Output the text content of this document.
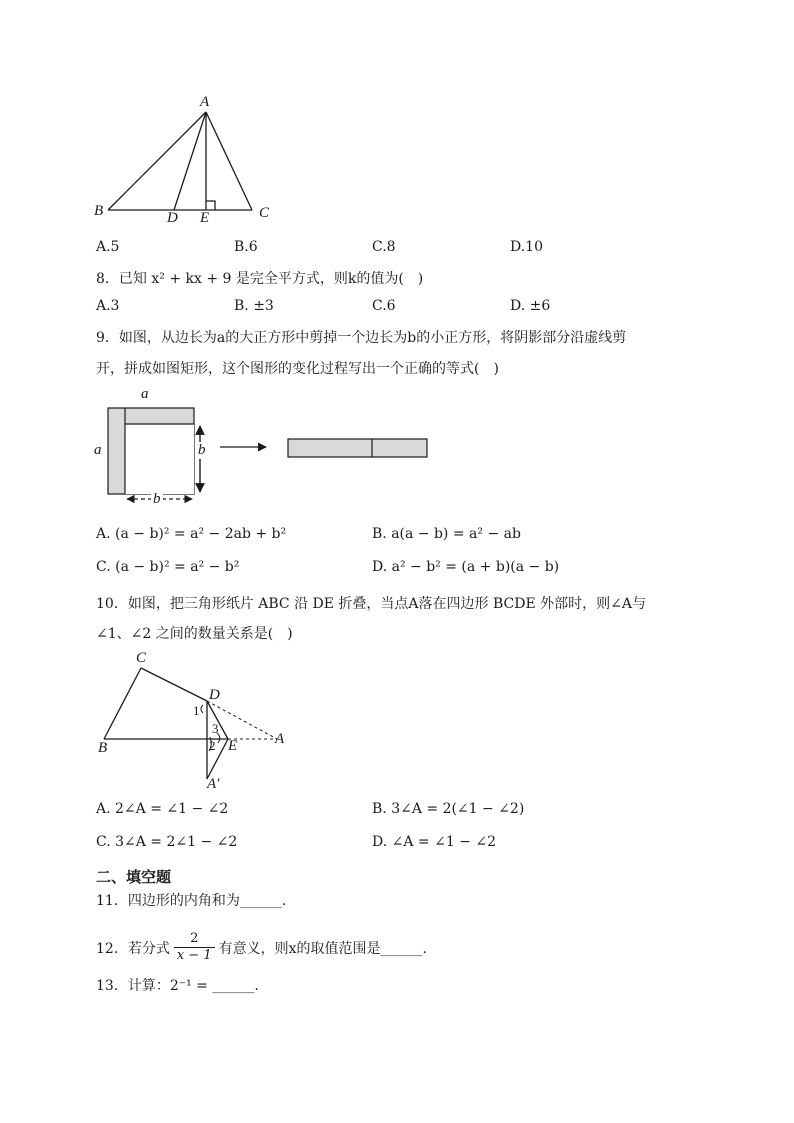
A
B	C
D E
A.5	B.6	C.8	D.10
8．已知 x² + kx + 9 是完全平方式，则k的值为(　)
A.3	B. ±3	C.6	D. ±6
9．如图，从边长为a的大正方形中剪掉一个边长为b的小正方形，将阴影部分沿虚线剪
开，拼成如图矩形，这个图形的变化过程写出一个正确的等式(　)
a
a	b
b
A. (a − b)² = a² − 2ab + b²	B. a(a − b) = a² − ab
C. (a − b)² = a² − b²	D. a² − b² = (a + b)(a − b)
10．如图，把三角形纸片 ABC 沿 DE 折叠，当点A落在四边形 BCDE 外部时，则∠A与
∠1、∠2 之间的数量关系是(　)
C
D
B	E	A
A′
1
2
3
A. 2∠A = ∠1 − ∠2	B. 3∠A = 2(∠1 − ∠2)
C. 3∠A = 2∠1 − ∠2	D. ∠A = ∠1 − ∠2
二、填空题
11．四边形的内角和为______.
12．若分式 $\frac{2}{x - 1}$ 有意义，则x的取值范围是______.
13．计算：2⁻¹ = ______.
